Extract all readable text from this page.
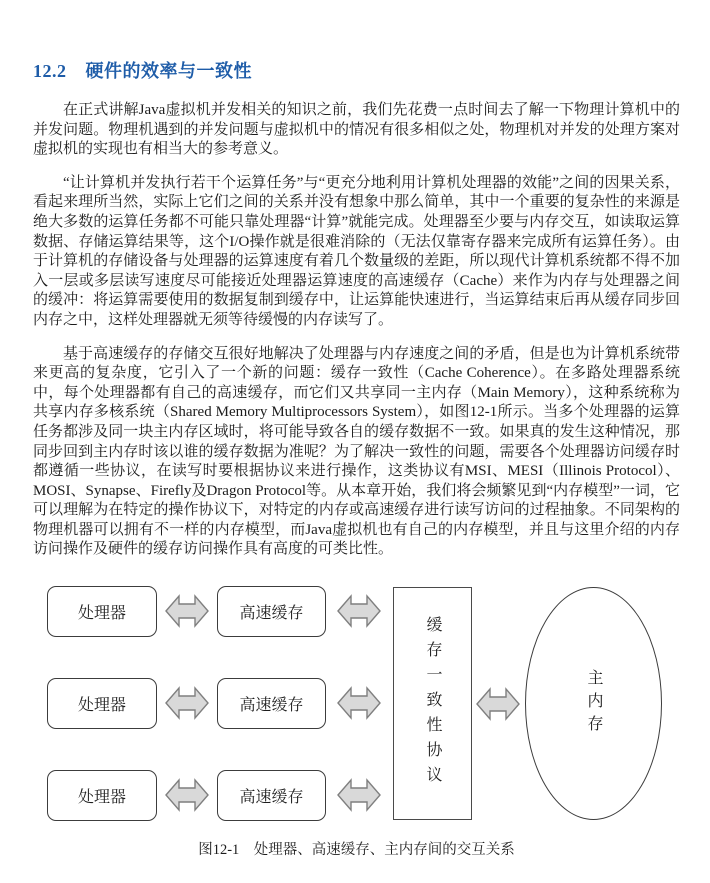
12.2 硬件的效率与一致性

在正式讲解Java虚拟机并发相关的知识之前，我们先花费一点时间去了解一下物理计算机中的并发问题。物理机遇到的并发问题与虚拟机中的情况有很多相似之处，物理机对并发的处理方案对虚拟机的实现也有相当大的参考意义。

“让计算机并发执行若干个运算任务”与“更充分地利用计算机处理器的效能”之间的因果关系，看起来理所当然，实际上它们之间的关系并没有想象中那么简单，其中一个重要的复杂性的来源是绝大多数的运算任务都不可能只靠处理器“计算”就能完成。处理器至少要与内存交互，如读取运算数据、存储运算结果等，这个I/O操作就是很难消除的（无法仅靠寄存器来完成所有运算任务）。由于计算机的存储设备与处理器的运算速度有着几个数量级的差距，所以现代计算机系统都不得不加入一层或多层读写速度尽可能接近处理器运算速度的高速缓存（Cache）来作为内存与处理器之间的缓冲：将运算需要使用的数据复制到缓存中，让运算能快速进行，当运算结束后再从缓存同步回内存之中，这样处理器就无须等待缓慢的内存读写了。

基于高速缓存的存储交互很好地解决了处理器与内存速度之间的矛盾，但是也为计算机系统带来更高的复杂度，它引入了一个新的问题：缓存一致性（Cache Coherence）。在多路处理器系统中，每个处理器都有自己的高速缓存，而它们又共享同一主内存（Main Memory），这种系统称为共享内存多核系统（Shared Memory Multiprocessors System），如图12-1所示。当多个处理器的运算任务都涉及同一块主内存区域时，将可能导致各自的缓存数据不一致。如果真的发生这种情况，那同步回到主内存时该以谁的缓存数据为准呢？为了解决一致性的问题，需要各个处理器访问缓存时都遵循一些协议，在读写时要根据协议来进行操作，这类协议有MSI、MESI（Illinois Protocol）、MOSI、Synapse、Firefly及Dragon Protocol等。从本章开始，我们将会频繁见到“内存模型”一词，它可以理解为在特定的操作协议下，对特定的内存或高速缓存进行读写访问的过程抽象。不同架构的物理机器可以拥有不一样的内存模型，而Java虚拟机也有自己的内存模型，并且与这里介绍的内存访问操作及硬件的缓存访问操作具有高度的可类比性。

处理器	高速缓存
处理器	高速缓存
处理器	高速缓存
缓存一致性协议	主内存
图12-1　处理器、高速缓存、主内存间的交互关系
